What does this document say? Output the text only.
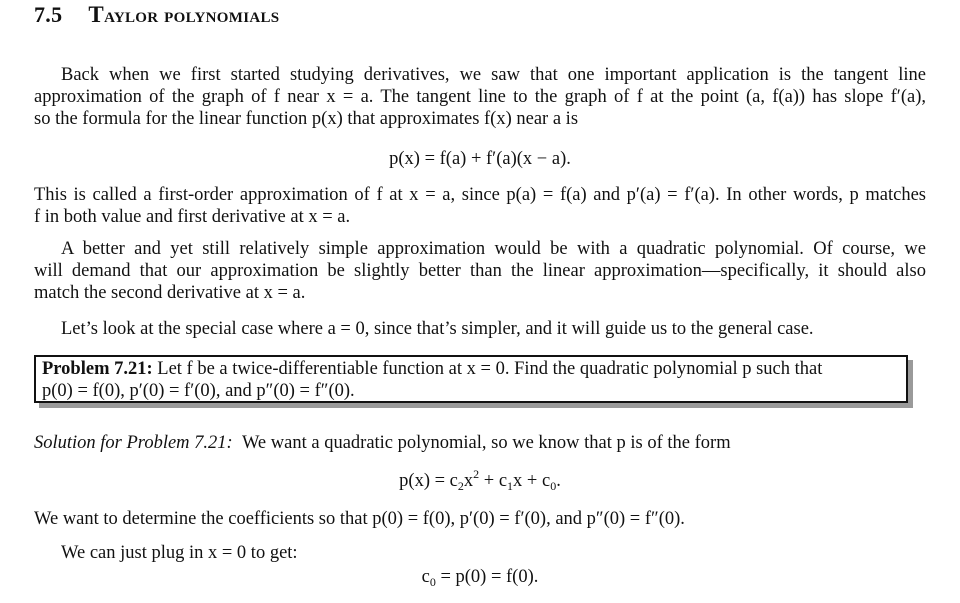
7.5 Taylor polynomials
Back when we first started studying derivatives, we saw that one important application is the tangent line
approximation of the graph of f near x = a. The tangent line to the graph of f at the point (a, f(a)) has slope f′(a),
so the formula for the linear function p(x) that approximates f(x) near a is
p(x) = f(a) + f′(a)(x − a).
This is called a first-order approximation of f at x = a, since p(a) = f(a) and p′(a) = f′(a). In other words, p matches
f in both value and first derivative at x = a.
A better and yet still relatively simple approximation would be with a quadratic polynomial. Of course, we
will demand that our approximation be slightly better than the linear approximation—specifically, it should also
match the second derivative at x = a.
Let’s look at the special case where a = 0, since that’s simpler, and it will guide us to the general case.
Problem 7.21: Let f be a twice-differentiable function at x = 0. Find the quadratic polynomial p such that
p(0) = f(0), p′(0) = f′(0), and p″(0) = f″(0).
Solution for Problem 7.21: We want a quadratic polynomial, so we know that p is of the form
$p(x) = c_2x^2 + c_1x + c_0$.
We want to determine the coefficients so that p(0) = f(0), p′(0) = f′(0), and p″(0) = f″(0).
We can just plug in x = 0 to get:
$c_0 = p(0) = f(0)$.
